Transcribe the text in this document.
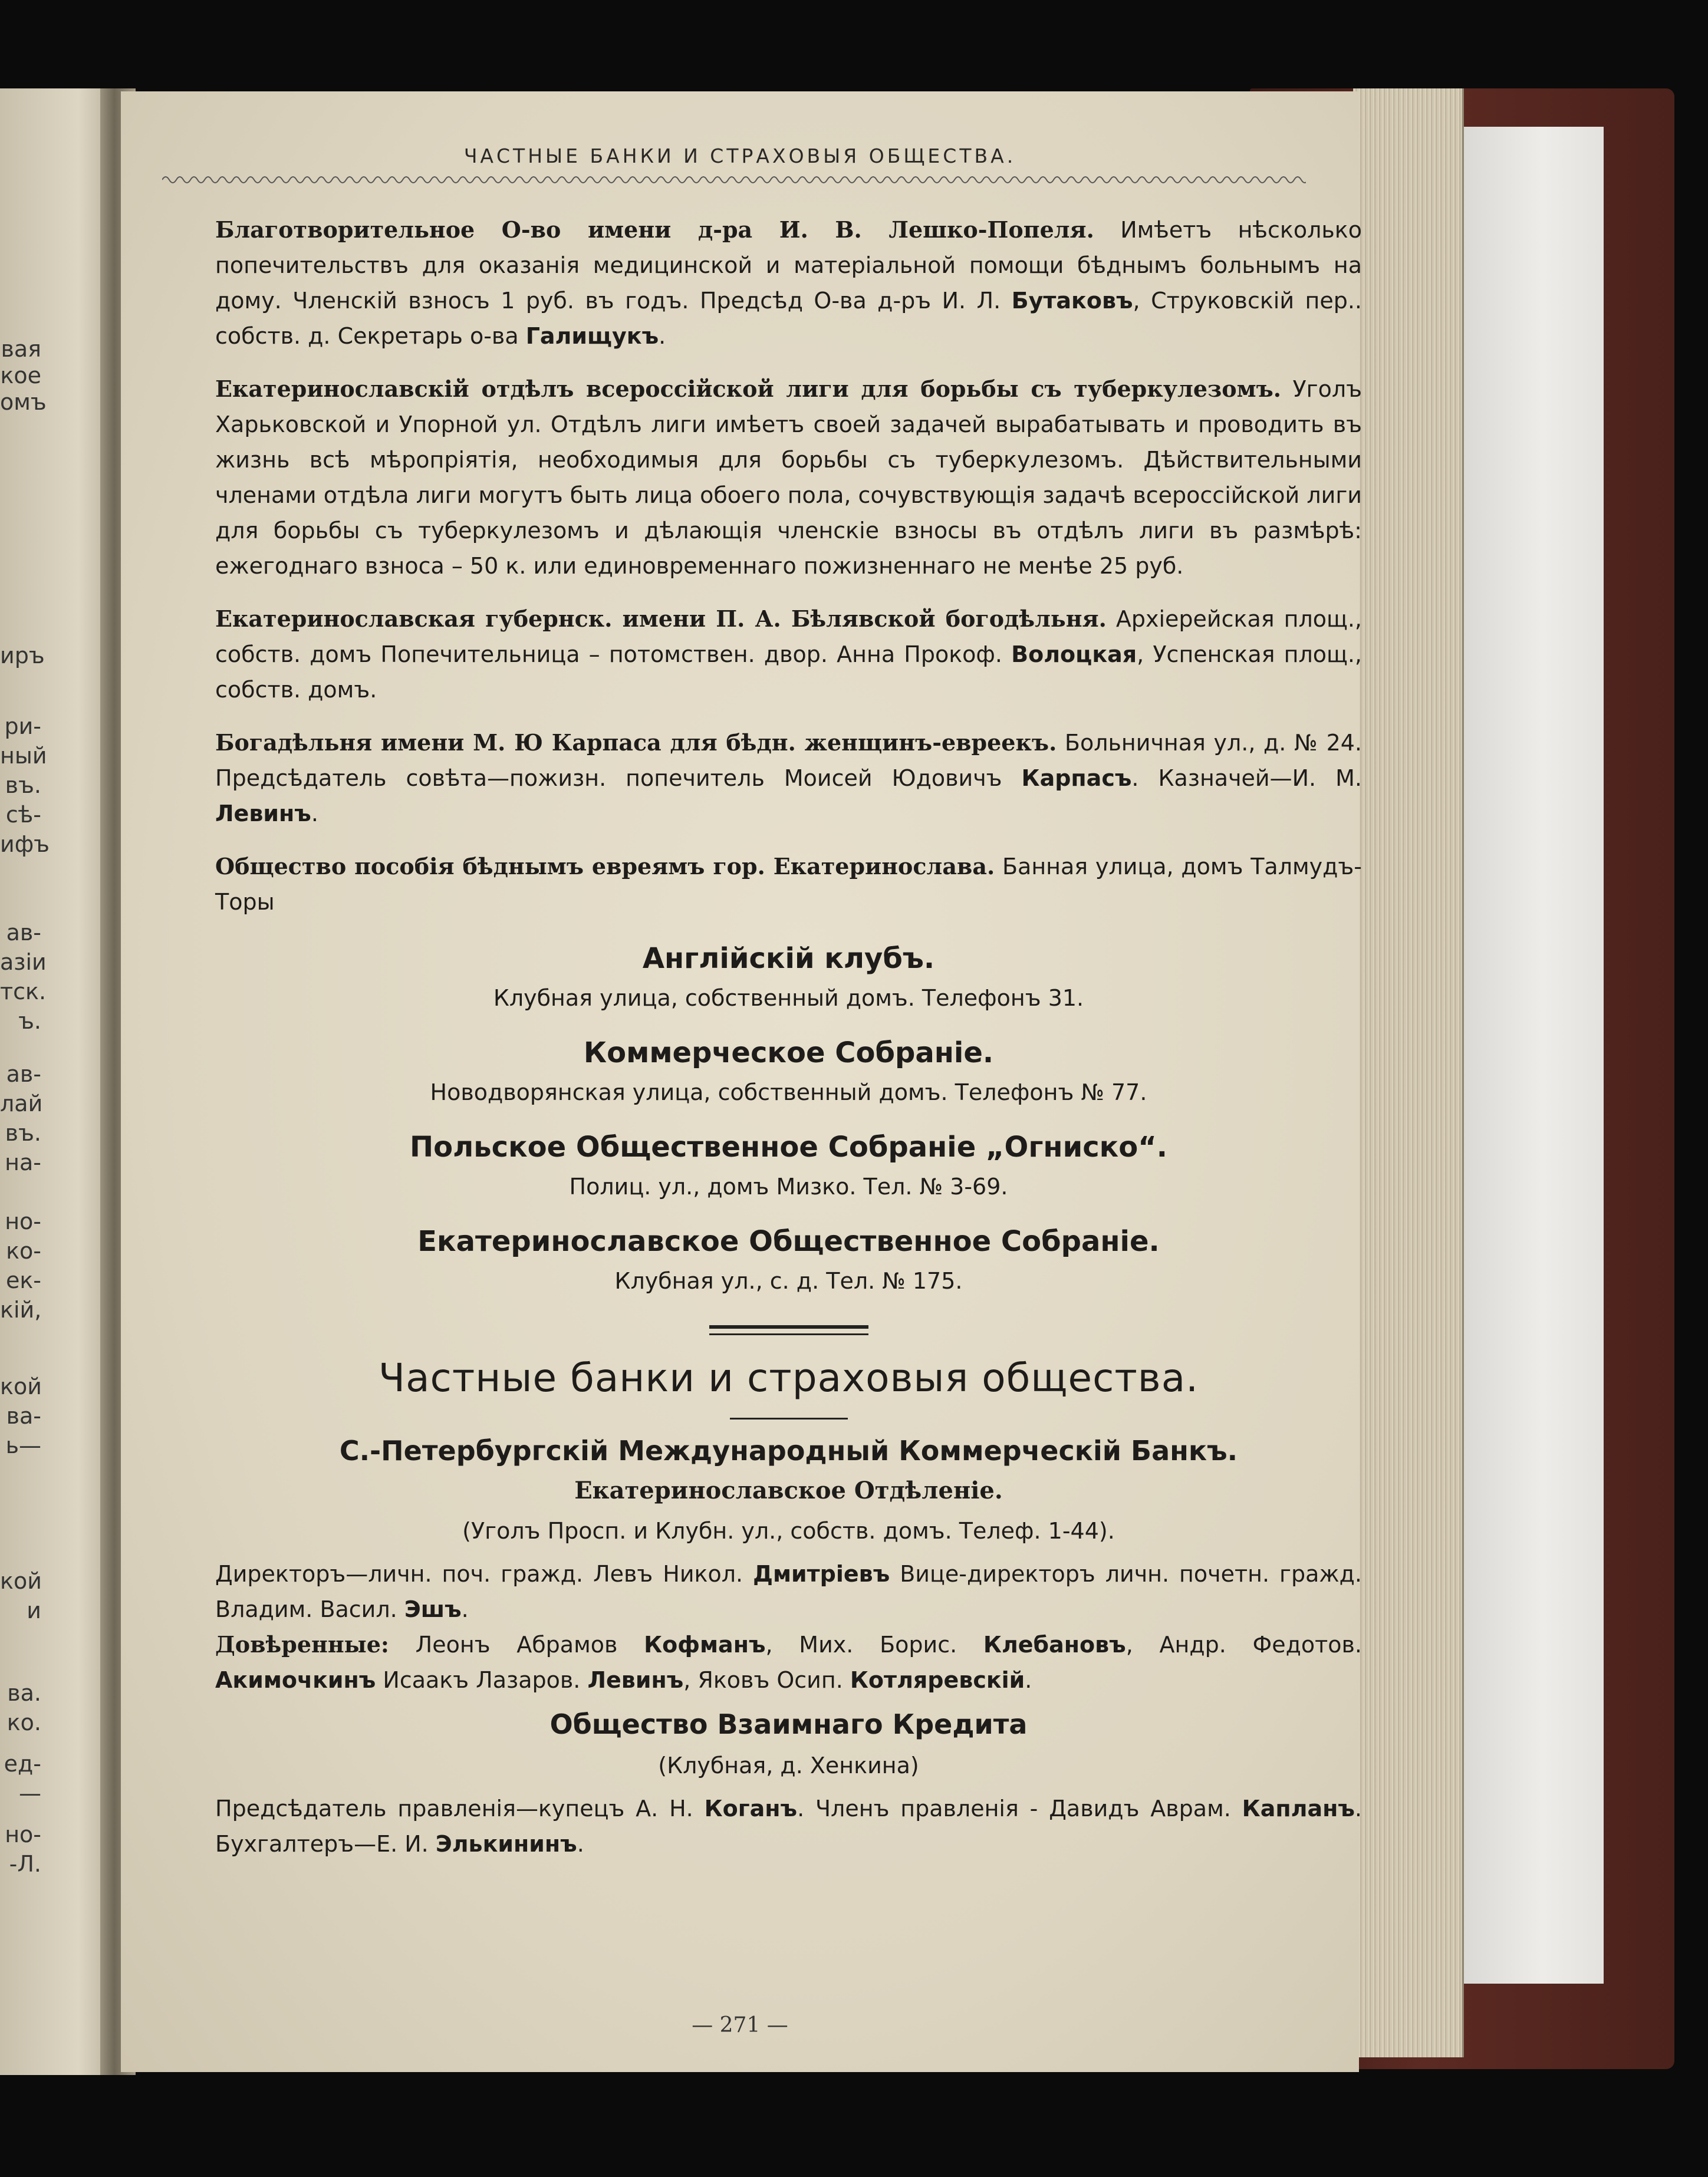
вая
кое
омъ
иръ
ри-
ный
въ.
сѣ-
ифъ
ав-
азіи
тск.
ъ.
ав-
лай
въ.
на-
но-
ко-
ек-
кій,
кой
ва-
ь—
кой
и
ва.
ко.
ед-
—
но-
-Л.
ЧАСТНЫЕ БАНКИ И СТРАХОВЫЯ ОБЩЕСТВА.

Благотворительное О-во имени д-ра И. В. Лешко-Попеля. Имѣетъ нѣсколько попечительствъ для оказанія медицинской и матеріальной помощи бѣднымъ больнымъ на дому. Членскій взносъ 1 руб. въ годъ. Предсѣд О-ва д-ръ И. Л. Бутаковъ, Струковскій пер.. собств. д. Секретарь о-ва Галищукъ.

Екатеринославскій отдѣлъ всероссійской лиги для борьбы съ туберкулезомъ. Уголъ Харьковской и Упорной ул. Отдѣлъ лиги имѣетъ своей задачей вырабатывать и проводить въ жизнь всѣ мѣропріятія, необходимыя для борьбы съ туберкулезомъ. Дѣйствительными членами отдѣла лиги могутъ быть лица обоего пола, сочувствующія задачѣ всероссійской лиги для борьбы съ туберкулезомъ и дѣлающія членскіе взносы въ отдѣлъ лиги въ размѣрѣ: ежегоднаго взноса – 50 к. или единовременнаго пожизненнаго не менѣе 25 руб.

Екатеринославская губернск. имени П. А. Бѣлявской богодѣльня. Архіерейская площ., собств. домъ Попечительница – потомствен. двор. Анна Прокоф. Волоцкая, Успенская площ., собств. домъ.

Богадѣльня имени М. Ю Карпаса для бѣдн. женщинъ-еврeекъ. Больничная ул., д. № 24. Предсѣдатель совѣта—пожизн. попечитель Моисей Юдовичъ Карпасъ. Казначей—И. М. Левинъ.

Общество пособія бѣднымъ евреямъ гор. Екатеринослава. Банная улица, домъ Талмудъ-Торы

Англійскій клубъ.
Клубная улица, собственный домъ. Телефонъ 31.
Коммерческое Собраніе.
Новодворянская улица, собственный домъ. Телефонъ № 77.
Польское Общественное Собраніе „Огниско“.
Полиц. ул., домъ Мизко. Тел. № 3-69.
Екатеринославское Общественное Собраніе.
Клубная ул., с. д. Тел. № 175.
Частные банки и страховыя общества.
С.-Петербургскій Международный Коммерческій Банкъ.
Екатеринославское Отдѣленіе.
(Уголъ Просп. и Клубн. ул., собств. домъ. Телеф. 1-44).

Директоръ—личн. поч. гражд. Левъ Никол. Дмитріевъ Вице-директоръ личн. почетн. гражд. Владим. Васил. Эшъ.

Довѣренные: Леонъ Абрамов Кофманъ, Мих. Борис. Клебановъ, Андр. Федотов. Акимочкинъ Исаакъ Лазаров. Левинъ, Яковъ Осип. Котляревскій.

Общество Взаимнаго Кредита
(Клубная, д. Хенкина)

Предсѣдатель правленія—купецъ А. Н. Коганъ. Членъ правленія - Давидъ Аврам. Капланъ. Бухгалтеръ—Е. И. Элькининъ.

— 271 —
